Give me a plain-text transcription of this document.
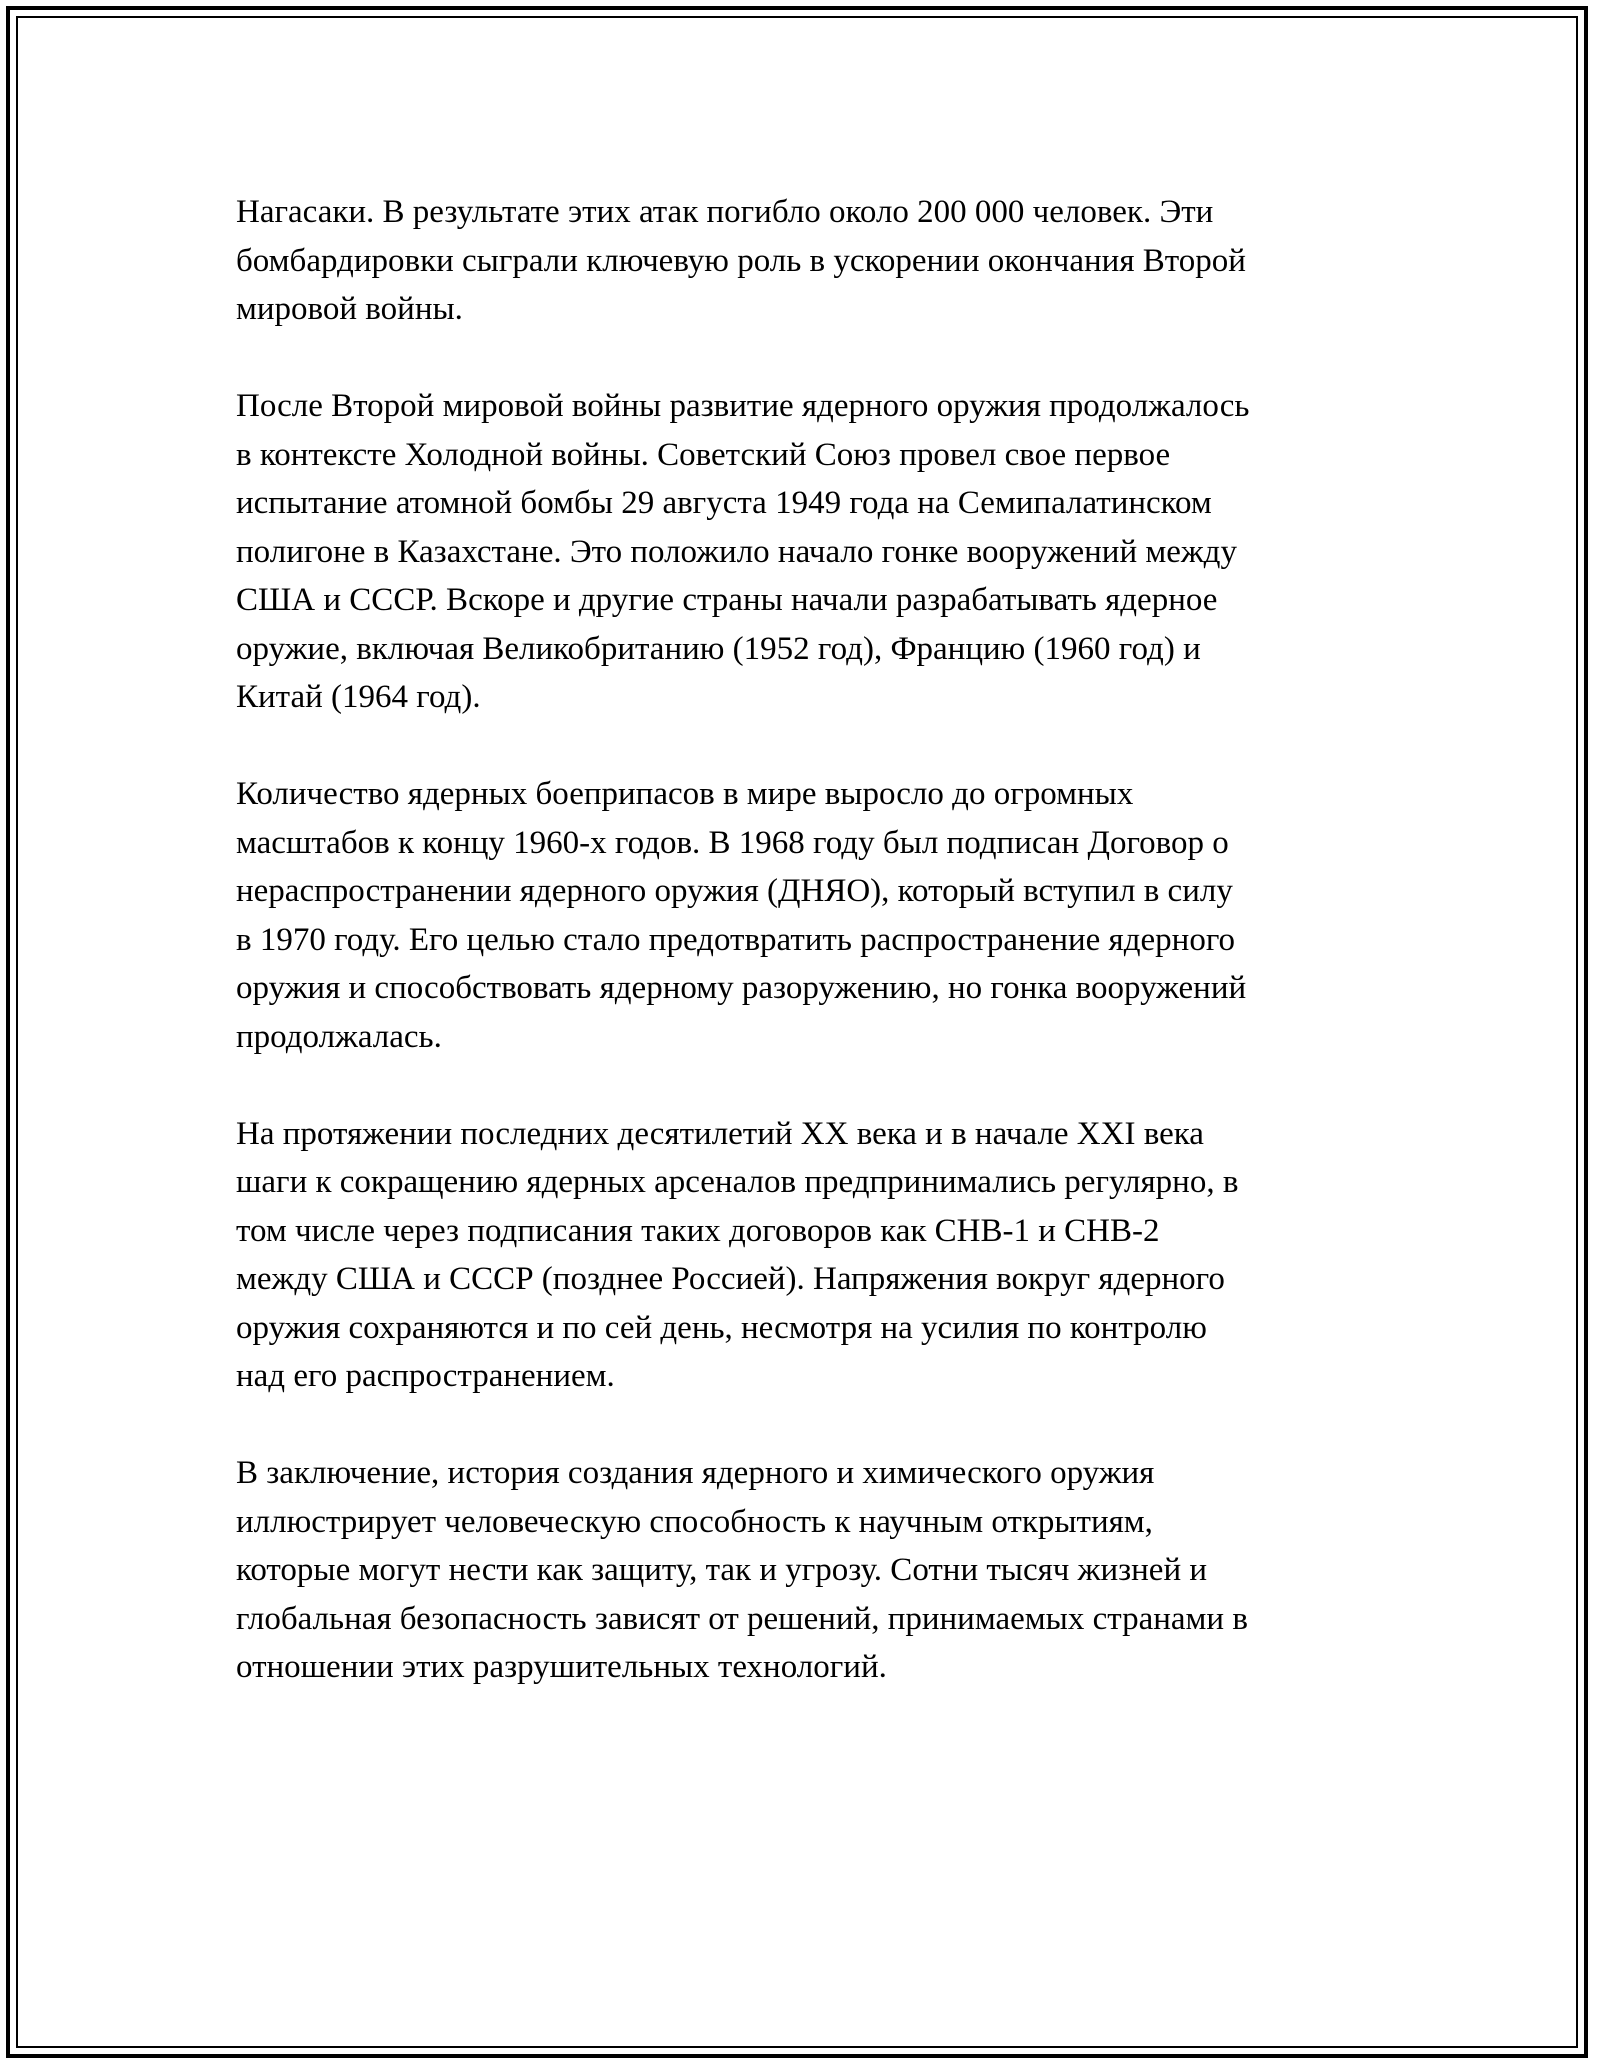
Нагасаки. В результате этих атак погибло около 200 000 человек. Эти
бомбардировки сыграли ключевую роль в ускорении окончания Второй
мировой войны.

После Второй мировой войны развитие ядерного оружия продолжалось
в контексте Холодной войны. Советский Союз провел свое первое
испытание атомной бомбы 29 августа 1949 года на Семипалатинском
полигоне в Казахстане. Это положило начало гонке вооружений между
США и СССР. Вскоре и другие страны начали разрабатывать ядерное
оружие, включая Великобританию (1952 год), Францию (1960 год) и
Китай (1964 год).

Количество ядерных боеприпасов в мире выросло до огромных
масштабов к концу 1960-х годов. В 1968 году был подписан Договор о
нераспространении ядерного оружия (ДНЯО), который вступил в силу
в 1970 году. Его целью стало предотвратить распространение ядерного
оружия и способствовать ядерному разоружению, но гонка вооружений
продолжалась.

На протяжении последних десятилетий XX века и в начале XXI века
шаги к сокращению ядерных арсеналов предпринимались регулярно, в
том числе через подписания таких договоров как СНВ-1 и СНВ-2
между США и СССР (позднее Россией). Напряжения вокруг ядерного
оружия сохраняются и по сей день, несмотря на усилия по контролю
над его распространением.

В заключение, история создания ядерного и химического оружия
иллюстрирует человеческую способность к научным открытиям,
которые могут нести как защиту, так и угрозу. Сотни тысяч жизней и
глобальная безопасность зависят от решений, принимаемых странами в
отношении этих разрушительных технологий.
